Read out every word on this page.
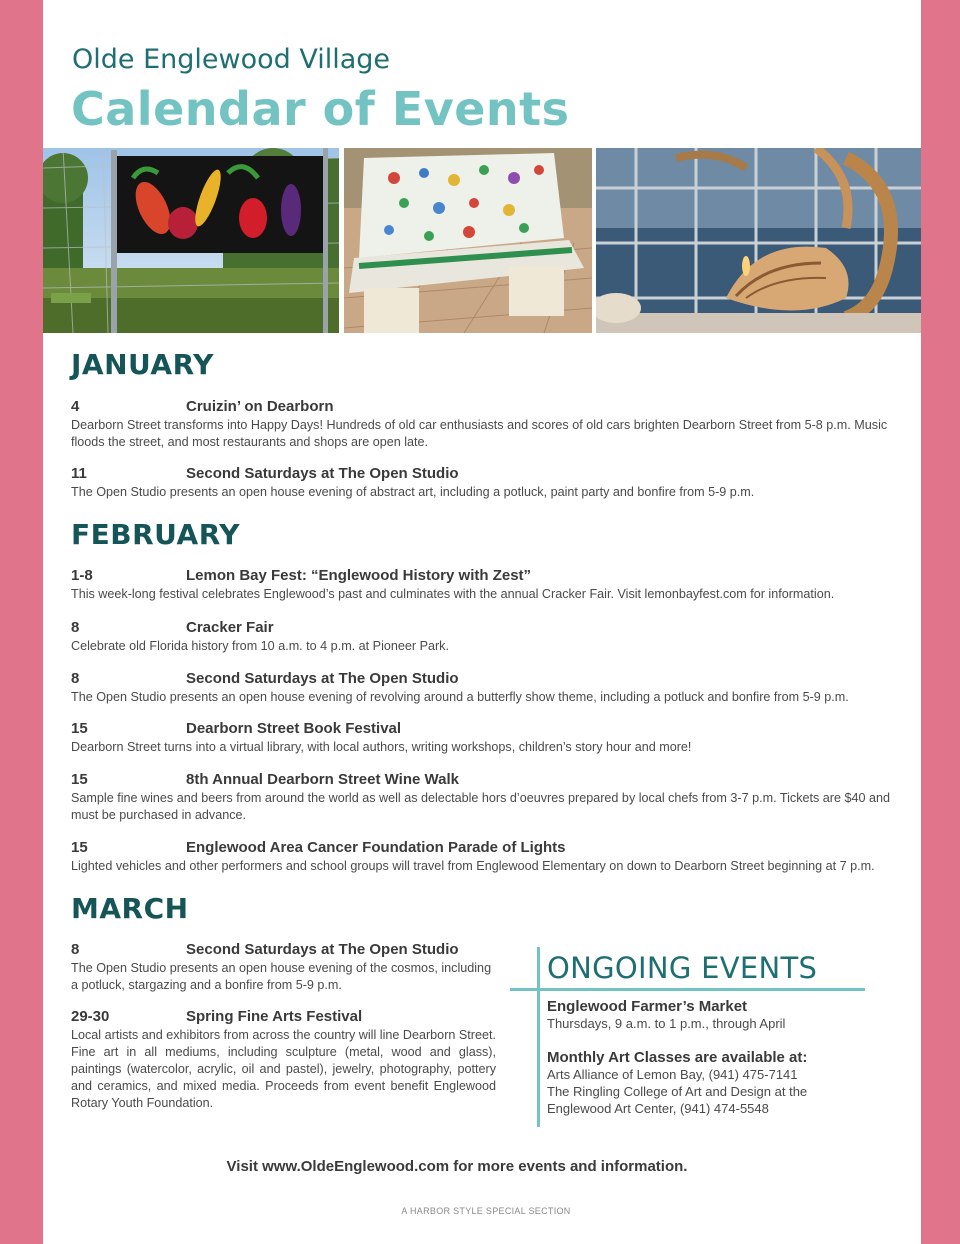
Olde Englewood Village
Calendar of Events
JANUARY
4	Cruizin’ on Dearborn
Dearborn Street transforms into Happy Days! Hundreds of old car enthusiasts and scores of old cars brighten Dearborn Street from 5-8 p.m. Music floods the street, and most restaurants and shops are open late.
11	Second Saturdays at The Open Studio
The Open Studio presents an open house evening of abstract art, including a potluck, paint party and bonfire from 5-9 p.m.
FEBRUARY
1-8	Lemon Bay Fest: “Englewood History with Zest”
This week-long festival celebrates Englewood’s past and culminates with the annual Cracker Fair. Visit lemonbayfest.com for information.
8	Cracker Fair
Celebrate old Florida history from 10 a.m. to 4 p.m. at Pioneer Park.
8	Second Saturdays at The Open Studio
The Open Studio presents an open house evening of revolving around a butterfly show theme, including a potluck and bonfire from 5-9 p.m.
15	Dearborn Street Book Festival
Dearborn Street turns into a virtual library, with local authors, writing workshops, children’s story hour and more!
15	8th Annual Dearborn Street Wine Walk
Sample fine wines and beers from around the world as well as delectable hors d’oeuvres prepared by local chefs from 3-7 p.m. Tickets are $40 and must be purchased in advance.
15	Englewood Area Cancer Foundation Parade of Lights
Lighted vehicles and other performers and school groups will travel from Englewood Elementary on down to Dearborn Street beginning at 7 p.m.
MARCH
8	Second Saturdays at The Open Studio
The Open Studio presents an open house evening of the cosmos, including a potluck, stargazing and a bonfire from 5-9 p.m.
29-30	Spring Fine Arts Festival
Local artists and exhibitors from across the country will line Dearborn Street. Fine art in all mediums, including sculpture (metal, wood and glass), paintings (watercolor, acrylic, oil and pastel), jewelry, photography, pottery and ceramics, and mixed media. Proceeds from event benefit Englewood Rotary Youth Foundation.
ONGOING EVENTS
Englewood Farmer’s Market
Thursdays, 9 a.m. to 1 p.m., through April
Monthly Art Classes are available at:
Arts Alliance of Lemon Bay, (941) 475-7141
The Ringling College of Art and Design at the
Englewood Art Center, (941) 474-5548
Visit www.OldeEnglewood.com for more events and information.
A HARBOR STYLE SPECIAL SECTION
